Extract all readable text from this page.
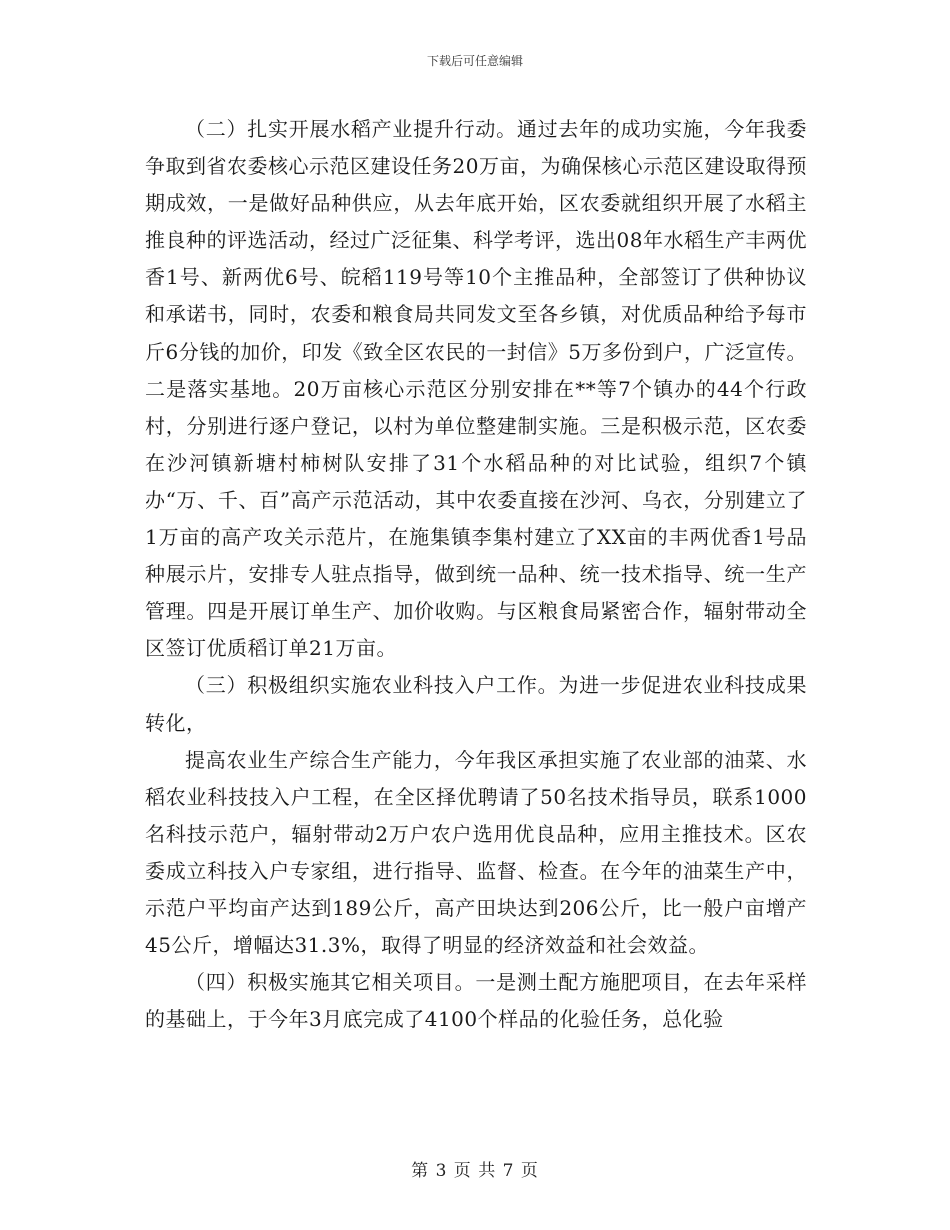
下载后可任意编辑

（二）扎实开展水稻产业提升行动。通过去年的成功实施，今年我委争取到省农委核心示范区建设任务20万亩，为确保核心示范区建设取得预期成效，一是做好品种供应，从去年底开始，区农委就组织开展了水稻主推良种的评选活动，经过广泛征集、科学考评，选出08年水稻生产丰两优香1号、新两优6号、皖稻119号等10个主推品种，全部签订了供种协议和承诺书，同时，农委和粮食局共同发文至各乡镇，对优质品种给予每市斤6分钱的加价，印发《致全区农民的一封信》5万多份到户，广泛宣传。二是落实基地。20万亩核心示范区分别安排在**等7个镇办的44个行政村，分别进行逐户登记，以村为单位整建制实施。三是积极示范，区农委在沙河镇新塘村柿树队安排了31个水稻品种的对比试验，组织7个镇办“万、千、百”高产示范活动，其中农委直接在沙河、乌衣，分别建立了1万亩的高产攻关示范片，在施集镇李集村建立了XX亩的丰两优香1号品种展示片，安排专人驻点指导，做到统一品种、统一技术指导、统一生产管理。四是开展订单生产、加价收购。与区粮食局紧密合作，辐射带动全区签订优质稻订单21万亩。

（三）积极组织实施农业科技入户工作。为进一步促进农业科技成果转化，

提高农业生产综合生产能力，今年我区承担实施了农业部的油菜、水稻农业科技技入户工程，在全区择优聘请了50名技术指导员，联系1000名科技示范户，辐射带动2万户农户选用优良品种，应用主推技术。区农委成立科技入户专家组，进行指导、监督、检查。在今年的油菜生产中，示范户平均亩产达到189公斤，高产田块达到206公斤，比一般户亩增产45公斤，增幅达31.3%，取得了明显的经济效益和社会效益。

（四）积极实施其它相关项目。一是测土配方施肥项目，在去年采样的基础上，于今年3月底完成了4100个样品的化验任务，总化验

第 3 页 共 7 页
